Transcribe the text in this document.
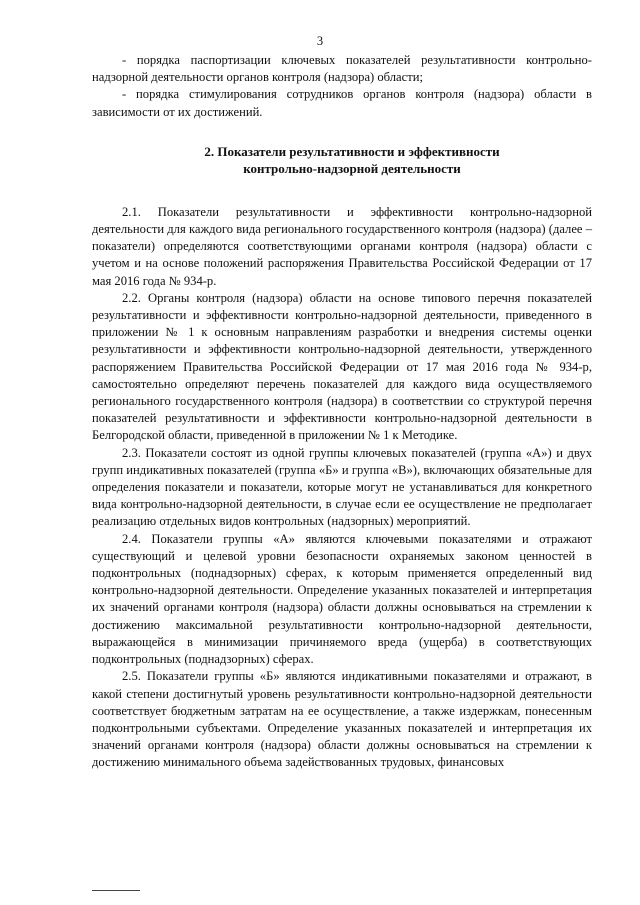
3

- порядка паспортизации ключевых показателей результативности контрольно-надзорной деятельности органов контроля (надзора) области;

- порядка стимулирования сотрудников органов контроля (надзора) области в зависимости от их достижений.

2. Показатели результативности и эффективности
контрольно-надзорной деятельности

2.1. Показатели результативности и эффективности контрольно-надзорной деятельности для каждого вида регионального государственного контроля (надзора) (далее – показатели) определяются соответствующими органами контроля (надзора) области с учетом и на основе положений распоряжения Правительства Российской Федерации от 17 мая 2016 года № 934-р.

2.2. Органы контроля (надзора) области на основе типового перечня показателей результативности и эффективности контрольно-надзорной деятельности, приведенного в приложении № 1 к основным направлениям разработки и внедрения системы оценки результативности и эффективности контрольно-надзорной деятельности, утвержденного распоряжением Правительства Российской Федерации от 17 мая 2016 года № 934-р, самостоятельно определяют перечень показателей для каждого вида осуществляемого регионального государственного контроля (надзора) в соответствии со структурой перечня показателей результативности и эффективности контрольно-надзорной деятельности в Белгородской области, приведенной в приложении № 1 к Методике.

2.3. Показатели состоят из одной группы ключевых показателей (группа «А») и двух групп индикативных показателей (группа «Б» и группа «В»), включающих обязательные для определения показатели и показатели, которые могут не устанавливаться для конкретного вида контрольно-надзорной деятельности, в случае если ее осуществление не предполагает реализацию отдельных видов контрольных (надзорных) мероприятий.

2.4. Показатели группы «А» являются ключевыми показателями и отражают существующий и целевой уровни безопасности охраняемых законом ценностей в подконтрольных (поднадзорных) сферах, к которым применяется определенный вид контрольно-надзорной деятельности. Определение указанных показателей и интерпретация их значений органами контроля (надзора) области должны основываться на стремлении к достижению максимальной результативности контрольно-надзорной деятельности, выражающейся в минимизации причиняемого вреда (ущерба) в соответствующих подконтрольных (поднадзорных) сферах.

2.5. Показатели группы «Б» являются индикативными показателями и отражают, в какой степени достигнутый уровень результативности контрольно-надзорной деятельности соответствует бюджетным затратам на ее осуществление, а также издержкам, понесенным подконтрольными субъектами. Определение указанных показателей и интерпретация их значений органами контроля (надзора) области должны основываться на стремлении к достижению минимального объема задействованных трудовых, финансовых
